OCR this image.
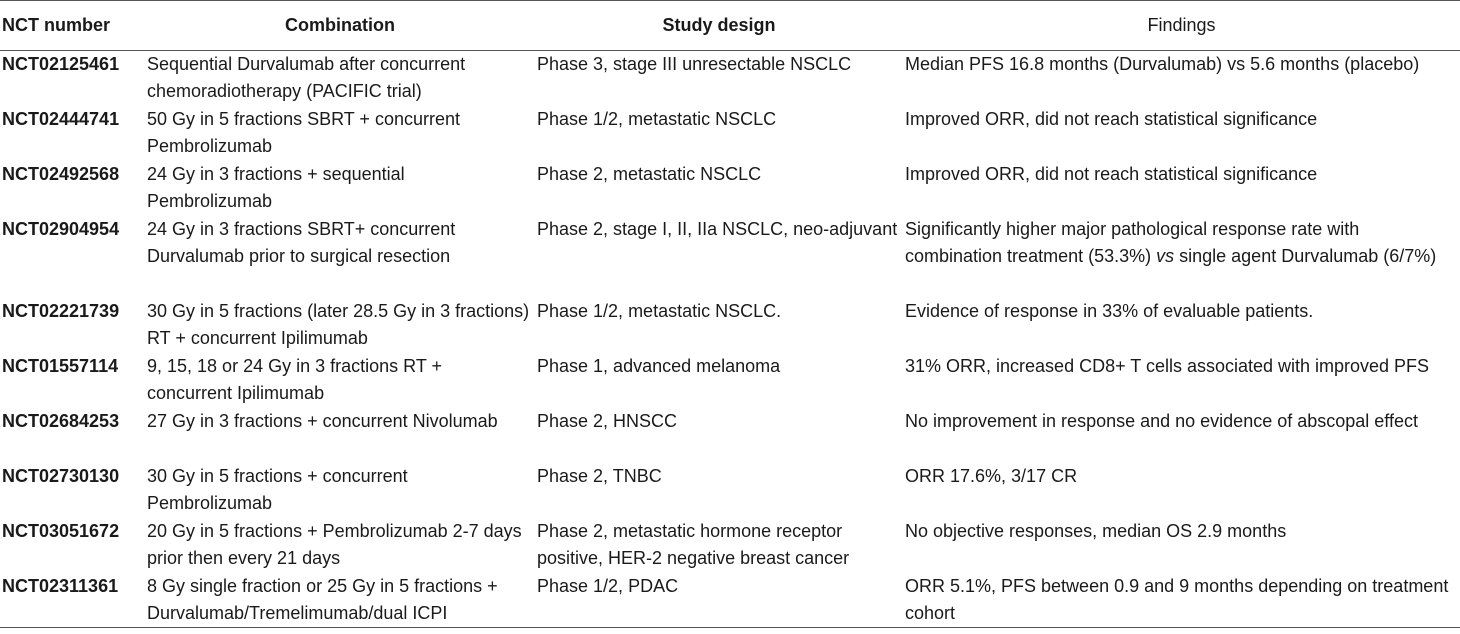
NCT number	Combination	Study design	Findings
NCT02125461	Sequential Durvalumab after concurrent chemoradiotherapy (PACIFIC trial)	Phase 3, stage III unresectable NSCLC	Median PFS 16.8 months (Durvalumab) vs 5.6 months (placebo)
NCT02444741	50 Gy in 5 fractions SBRT + concurrent Pembrolizumab	Phase 1/2, metastatic NSCLC	Improved ORR, did not reach statistical significance
NCT02492568	24 Gy in 3 fractions + sequential Pembrolizumab	Phase 2, metastatic NSCLC	Improved ORR, did not reach statistical significance
NCT02904954	24 Gy in 3 fractions SBRT+ concurrent Durvalumab prior to surgical resection	Phase 2, stage I, II, IIa NSCLC, neo-adjuvant	Significantly higher major pathological response rate with combination treatment (53.3%) vs single agent Durvalumab (6/7%)
NCT02221739	30 Gy in 5 fractions (later 28.5 Gy in 3 fractions) RT + concurrent Ipilimumab	Phase 1/2, metastatic NSCLC.	Evidence of response in 33% of evaluable patients.
NCT01557114	9, 15, 18 or 24 Gy in 3 fractions RT + concurrent Ipilimumab	Phase 1, advanced melanoma	31% ORR, increased CD8+ T cells associated with improved PFS
NCT02684253	27 Gy in 3 fractions + concurrent Nivolumab	Phase 2, HNSCC	No improvement in response and no evidence of abscopal effect
NCT02730130	30 Gy in 5 fractions + concurrent Pembrolizumab	Phase 2, TNBC	ORR 17.6%, 3/17 CR
NCT03051672	20 Gy in 5 fractions + Pembrolizumab 2-7 days prior then every 21 days	Phase 2, metastatic hormone receptor positive, HER-2 negative breast cancer	No objective responses, median OS 2.9 months
NCT02311361	8 Gy single fraction or 25 Gy in 5 fractions + Durvalumab/Tremelimumab/dual ICPI	Phase 1/2, PDAC	ORR 5.1%, PFS between 0.9 and 9 months depending on treatment cohort
